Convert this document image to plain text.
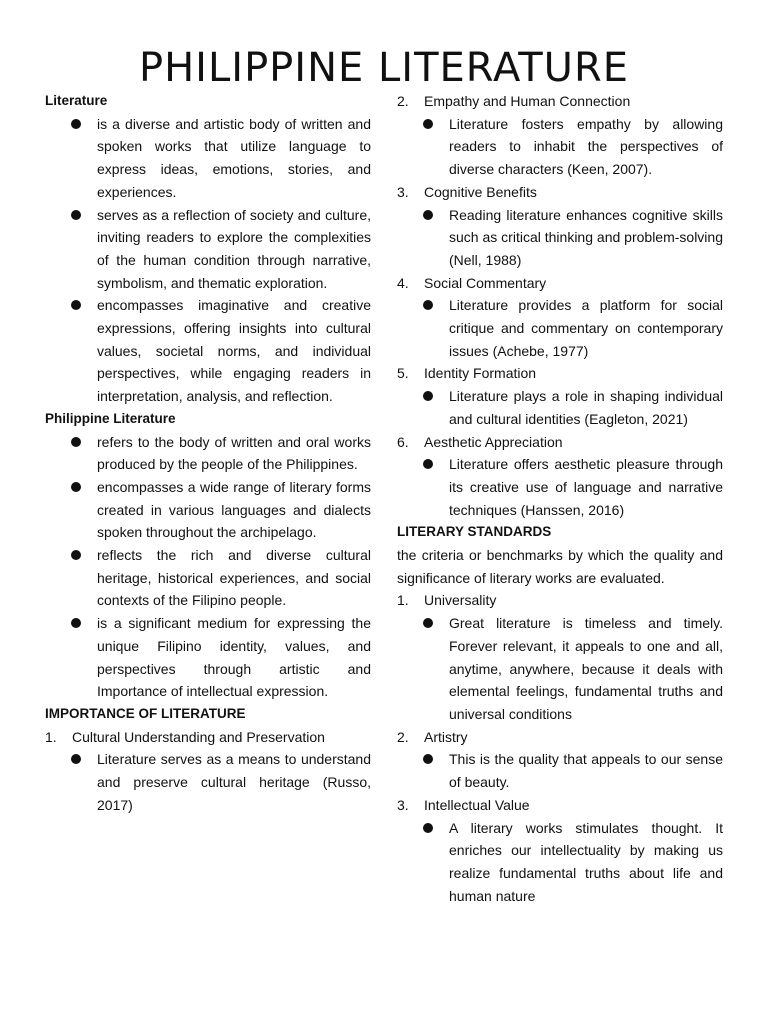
PHILIPPINE LITERATURE
Literature
is a diverse and artistic body of written and spoken works that utilize language to express ideas, emotions, stories, and experiences.
serves as a reflection of society and culture, inviting readers to explore the complexities of the human condition through narrative, symbolism, and thematic exploration.
encompasses imaginative and creative expressions, offering insights into cultural values, societal norms, and individual perspectives, while engaging readers in interpretation, analysis, and reflection.
Philippine Literature
refers to the body of written and oral works produced by the people of the Philippines.
encompasses a wide range of literary forms created in various languages and dialects spoken throughout the archipelago.
reflects the rich and diverse cultural heritage, historical experiences, and social contexts of the Filipino people.
is a significant medium for expressing the unique Filipino identity, values, and perspectives through artistic and Importance of intellectual expression.
IMPORTANCE OF LITERATURE
1.	Cultural Understanding and Preservation
Literature serves as a means to understand and preserve cultural heritage (Russo, 2017)
2.	Empathy and Human Connection
Literature fosters empathy by allowing readers to inhabit the perspectives of diverse characters (Keen, 2007).
3.	Cognitive Benefits
Reading literature enhances cognitive skills such as critical thinking and problem-solving (Nell, 1988)
4.	Social Commentary
Literature provides a platform for social critique and commentary on contemporary issues (Achebe, 1977)
5.	Identity Formation
Literature plays a role in shaping individual and cultural identities (Eagleton, 2021)
6.	Aesthetic Appreciation
Literature offers aesthetic pleasure through its creative use of language and narrative techniques (Hanssen, 2016)
LITERARY STANDARDS
the criteria or benchmarks by which the quality and significance of literary works are evaluated.
1.	Universality
Great literature is timeless and timely. Forever relevant, it appeals to one and all, anytime, anywhere, because it deals with elemental feelings, fundamental truths and universal conditions
2.	Artistry
This is the quality that appeals to our sense of beauty.
3.	Intellectual Value
A literary works stimulates thought. It enriches our intellectuality by making us realize fundamental truths about life and human nature
